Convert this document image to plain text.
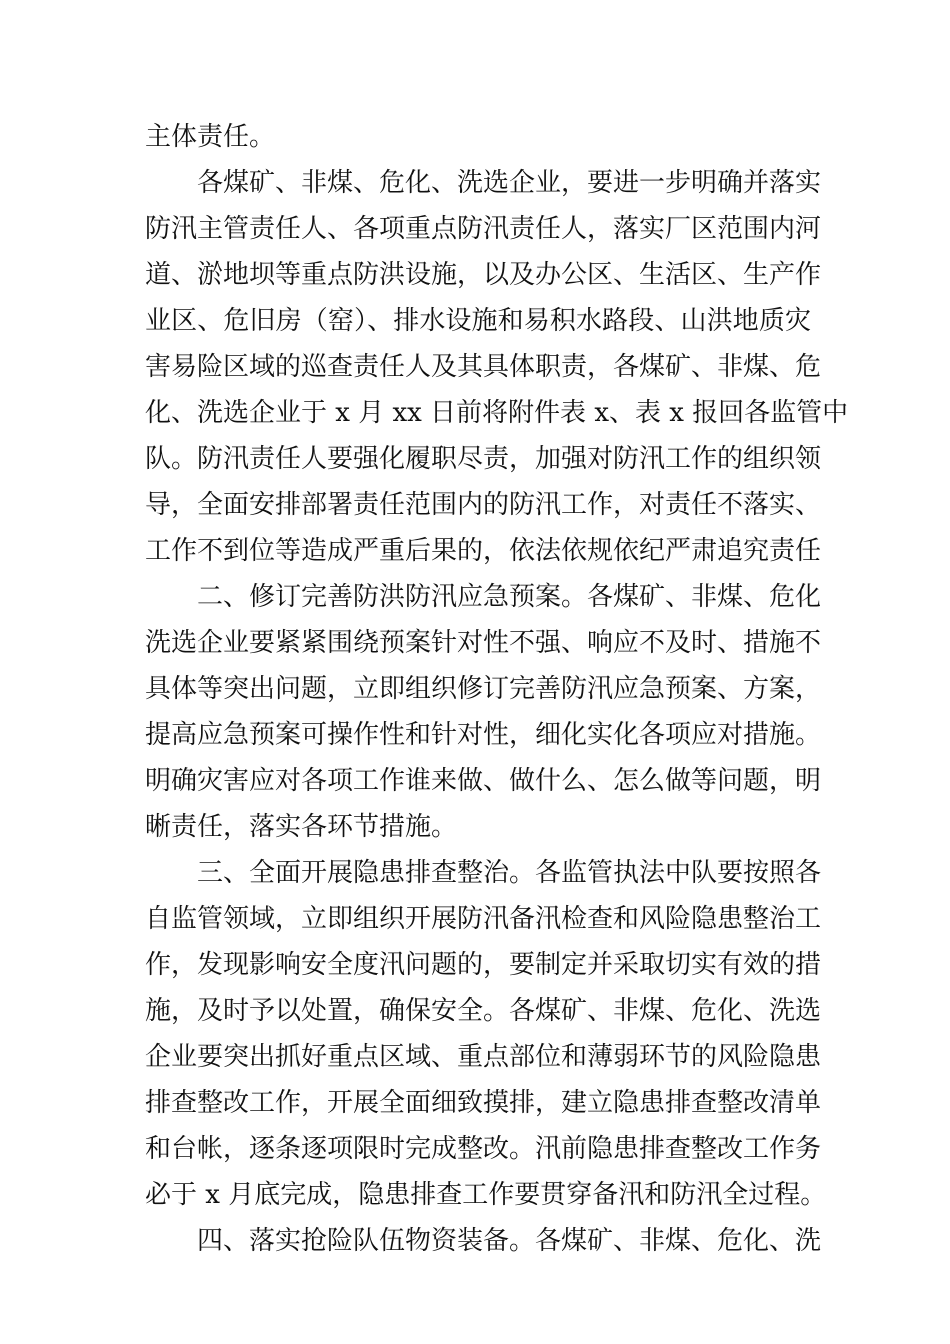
主体责任。
各煤矿、非煤、危化、洗选企业，要进一步明确并落实
防汛主管责任人、各项重点防汛责任人，落实厂区范围内河
道、淤地坝等重点防洪设施，以及办公区、生活区、生产作
业区、危旧房（窑）、排水设施和易积水路段、山洪地质灾
害易险区域的巡查责任人及其具体职责，各煤矿、非煤、危
化、洗选企业于 x 月 xx 日前将附件表 x、表 x 报回各监管中
队。防汛责任人要强化履职尽责，加强对防汛工作的组织领
导，全面安排部署责任范围内的防汛工作，对责任不落实、
工作不到位等造成严重后果的，依法依规依纪严肃追究责任
二、修订完善防洪防汛应急预案。各煤矿、非煤、危化
洗选企业要紧紧围绕预案针对性不强、响应不及时、措施不
具体等突出问题，立即组织修订完善防汛应急预案、方案，
提高应急预案可操作性和针对性，细化实化各项应对措施。
明确灾害应对各项工作谁来做、做什么、怎么做等问题，明
晰责任，落实各环节措施。
三、全面开展隐患排查整治。各监管执法中队要按照各
自监管领域，立即组织开展防汛备汛检查和风险隐患整治工
作，发现影响安全度汛问题的，要制定并采取切实有效的措
施，及时予以处置，确保安全。各煤矿、非煤、危化、洗选
企业要突出抓好重点区域、重点部位和薄弱环节的风险隐患
排查整改工作，开展全面细致摸排，建立隐患排查整改清单
和台帐，逐条逐项限时完成整改。汛前隐患排查整改工作务
必于 x 月底完成，隐患排查工作要贯穿备汛和防汛全过程。
四、落实抢险队伍物资装备。各煤矿、非煤、危化、洗
